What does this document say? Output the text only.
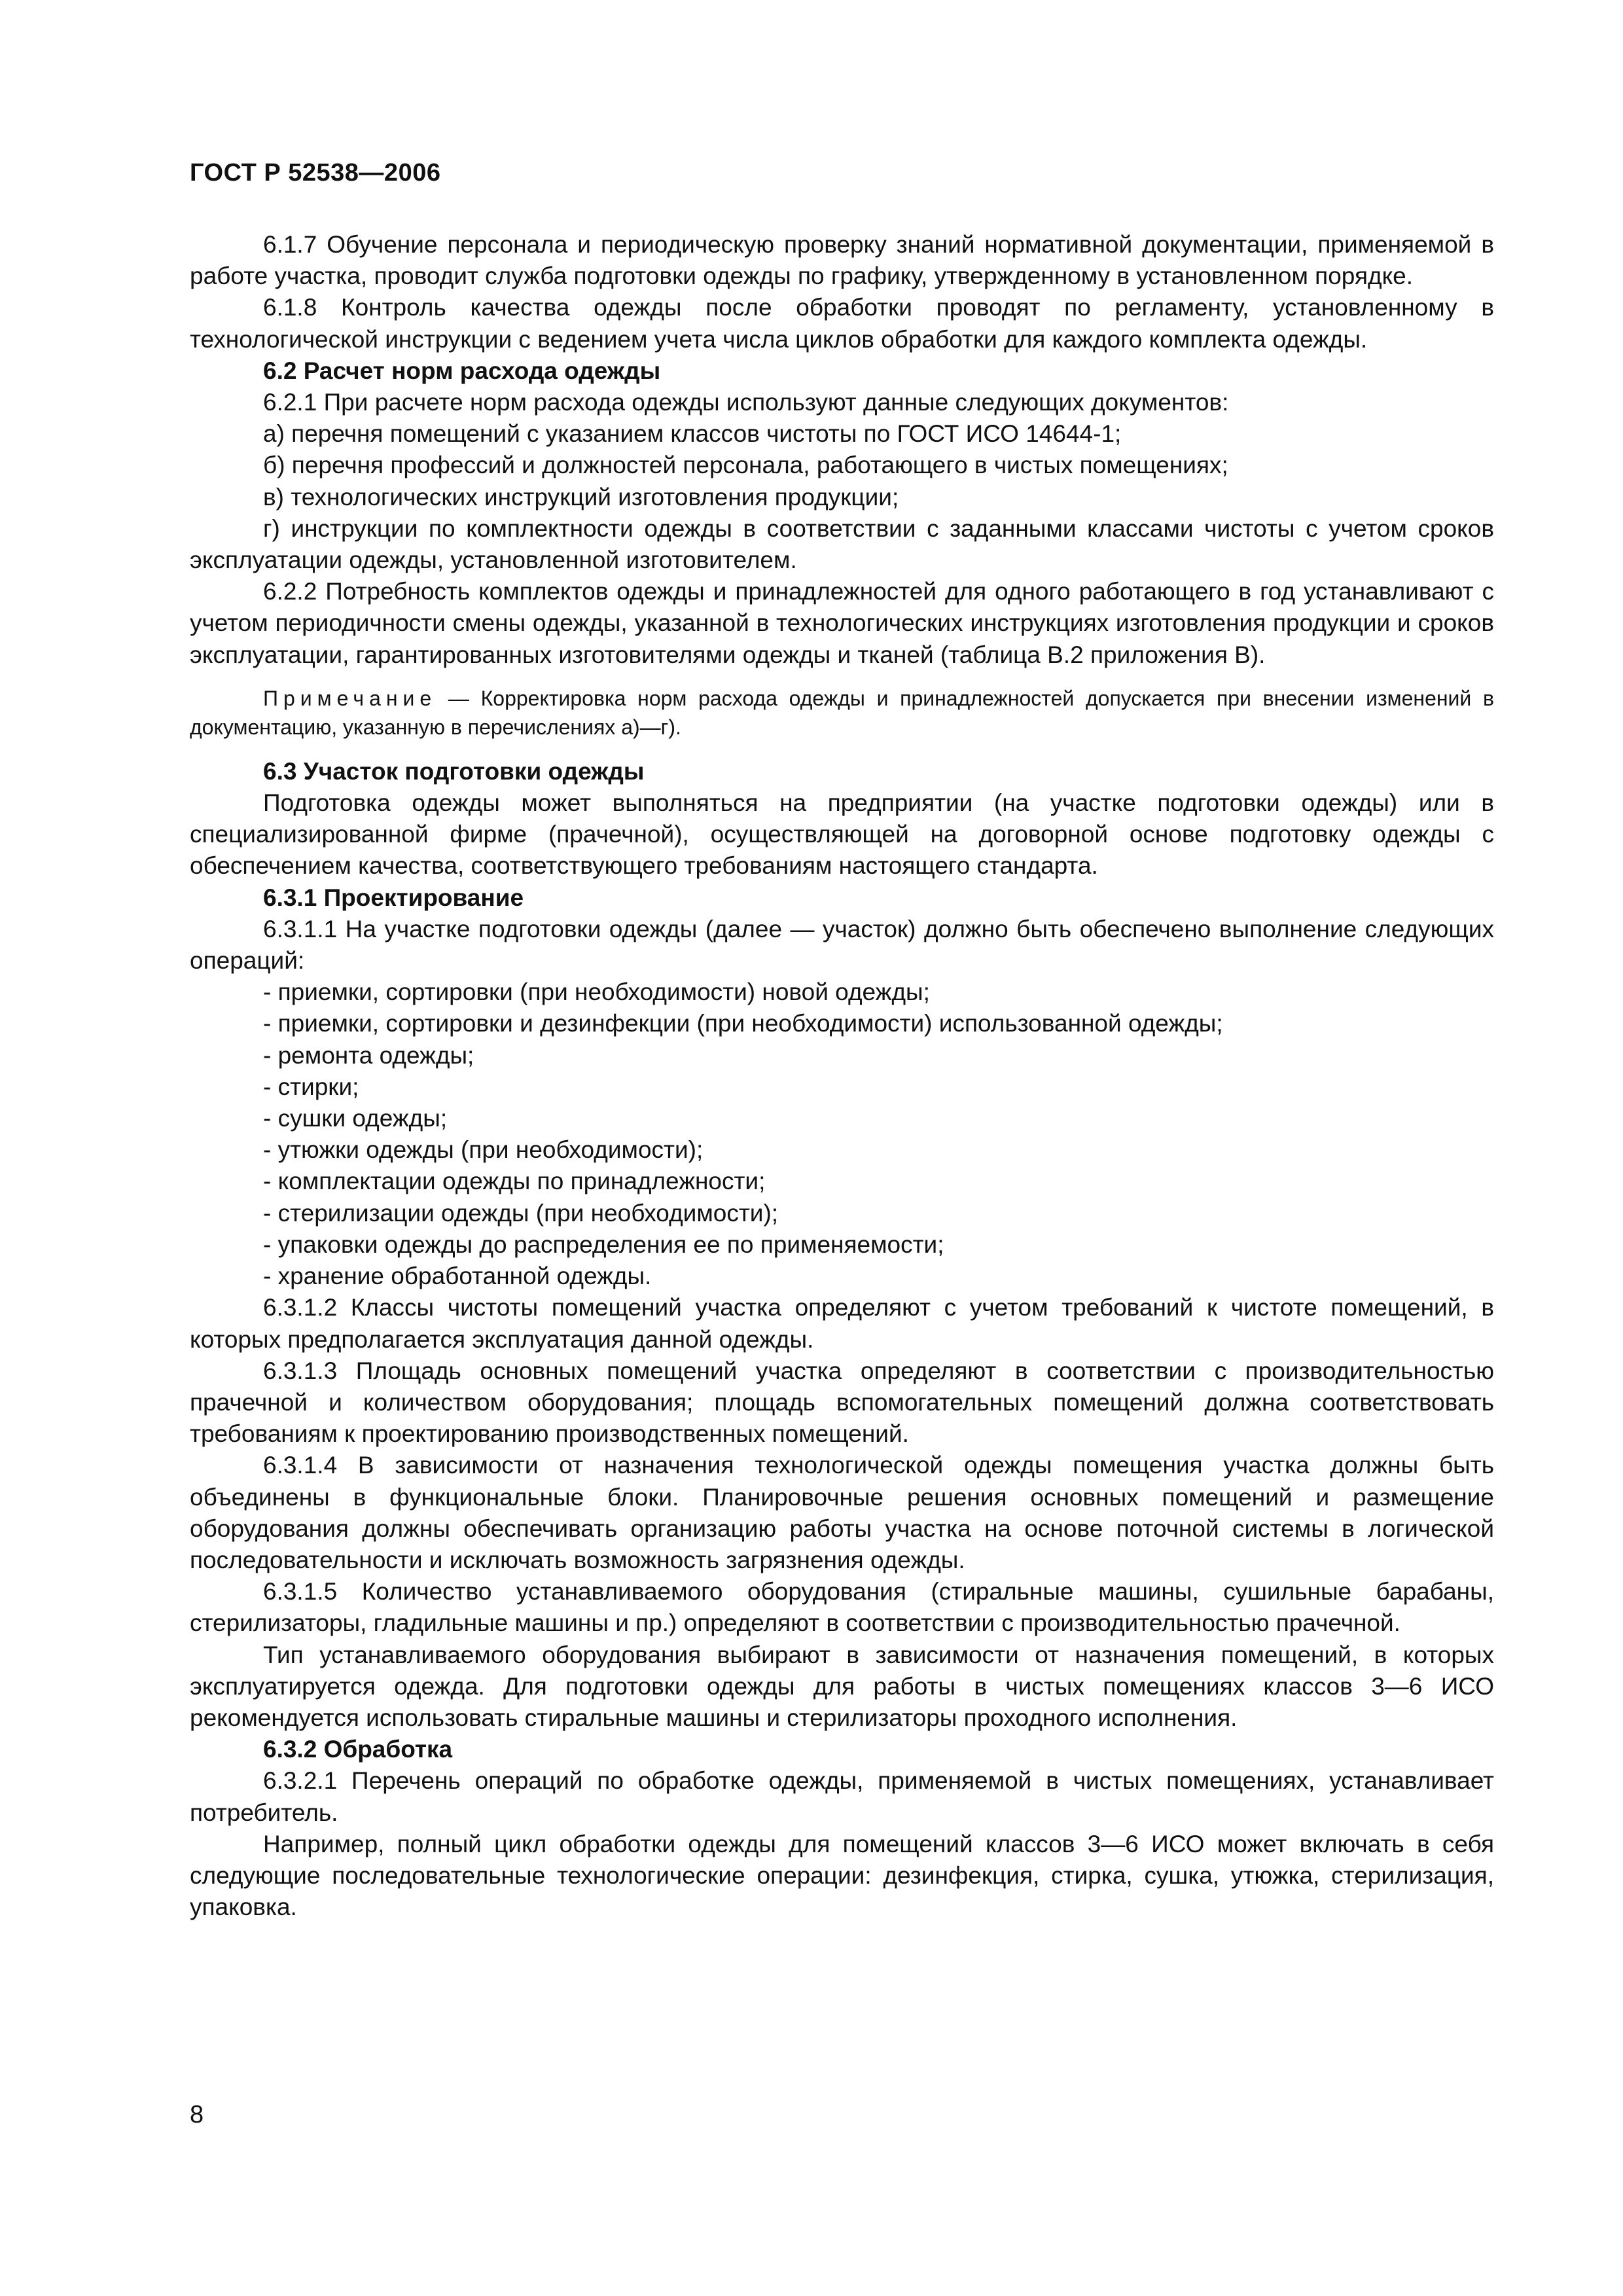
ГОСТ Р 52538—2006

6.1.7 Обучение персонала и периодическую проверку знаний нормативной документации, применяемой в работе участка, проводит служба подготовки одежды по графику, утвержденному в установленном порядке.

6.1.8 Контроль качества одежды после обработки проводят по регламенту, установленному в технологической инструкции с ведением учета числа циклов обработки для каждого комплекта одежды.

6.2 Расчет норм расхода одежды

6.2.1 При расчете норм расхода одежды используют данные следующих документов:

а) перечня помещений с указанием классов чистоты по ГОСТ ИСО 14644-1;

б) перечня профессий и должностей персонала, работающего в чистых помещениях;

в) технологических инструкций изготовления продукции;

г) инструкции по комплектности одежды в соответствии с заданными классами чистоты с учетом сроков эксплуатации одежды, установленной изготовителем.

6.2.2 Потребность комплектов одежды и принадлежностей для одного работающего в год устанавливают с учетом периодичности смены одежды, указанной в технологических инструкциях изготовления продукции и сроков эксплуатации, гарантированных изготовителями одежды и тканей (таблица В.2 приложения В).

Примечание — Корректировка норм расхода одежды и принадлежностей допускается при внесении изменений в документацию, указанную в перечислениях а)—г).

6.3 Участок подготовки одежды

Подготовка одежды может выполняться на предприятии (на участке подготовки одежды) или в специализированной фирме (прачечной), осуществляющей на договорной основе подготовку одежды с обеспечением качества, соответствующего требованиям настоящего стандарта.

6.3.1 Проектирование

6.3.1.1 На участке подготовки одежды (далее — участок) должно быть обеспечено выполнение следующих операций:

- приемки, сортировки (при необходимости) новой одежды;

- приемки, сортировки и дезинфекции (при необходимости) использованной одежды;

- ремонта одежды;

- стирки;

- сушки одежды;

- утюжки одежды (при необходимости);

- комплектации одежды по принадлежности;

- стерилизации одежды (при необходимости);

- упаковки одежды до распределения ее по применяемости;

- хранение обработанной одежды.

6.3.1.2 Классы чистоты помещений участка определяют с учетом требований к чистоте помещений, в которых предполагается эксплуатация данной одежды.

6.3.1.3 Площадь основных помещений участка определяют в соответствии с производительностью прачечной и количеством оборудования; площадь вспомогательных помещений должна соответствовать требованиям к проектированию производственных помещений.

6.3.1.4 В зависимости от назначения технологической одежды помещения участка должны быть объединены в функциональные блоки. Планировочные решения основных помещений и размещение оборудования должны обеспечивать организацию работы участка на основе поточной системы в логической последовательности и исключать возможность загрязнения одежды.

6.3.1.5 Количество устанавливаемого оборудования (стиральные машины, сушильные барабаны, стерилизаторы, гладильные машины и пр.) определяют в соответствии с производительностью прачечной.

Тип устанавливаемого оборудования выбирают в зависимости от назначения помещений, в которых эксплуатируется одежда. Для подготовки одежды для работы в чистых помещениях классов 3—6 ИСО рекомендуется использовать стиральные машины и стерилизаторы проходного исполнения.

6.3.2 Обработка

6.3.2.1 Перечень операций по обработке одежды, применяемой в чистых помещениях, устанавливает потребитель.

Например, полный цикл обработки одежды для помещений классов 3—6 ИСО может включать в себя следующие последовательные технологические операции: дезинфекция, стирка, сушка, утюжка, стерилизация, упаковка.

8
